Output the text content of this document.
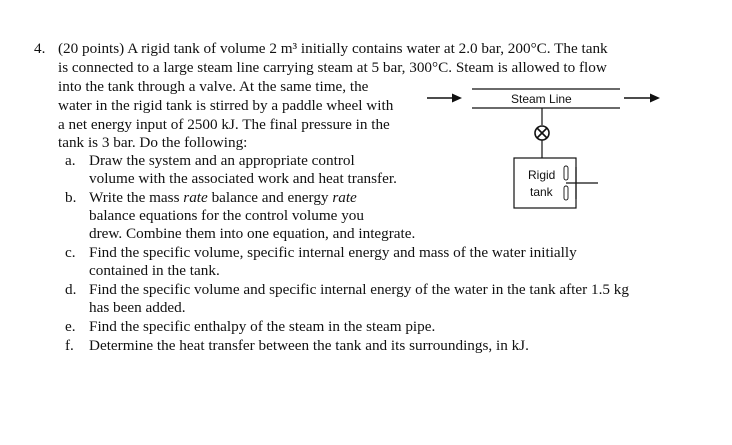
4. (20 points) A rigid tank of volume 2 m³ initially contains water at 2.0 bar, 200°C. The tank
is connected to a large steam line carrying steam at 5 bar, 300°C. Steam is allowed to flow
into the tank through a valve. At the same time, the
water in the rigid tank is stirred by a paddle wheel with
a net energy input of 2500 kJ. The final pressure in the
tank is 3 bar. Do the following:
a. Draw the system and an appropriate control
volume with the associated work and heat transfer.
b. Write the mass rate balance and energy rate
balance equations for the control volume you
drew. Combine them into one equation, and integrate.
c. Find the specific volume, specific internal energy and mass of the water initially
contained in the tank.
d. Find the specific volume and specific internal energy of the water in the tank after 1.5 kg
has been added.
e. Find the specific enthalpy of the steam in the steam pipe.
f. Determine the heat transfer between the tank and its surroundings, in kJ.
Steam Line
Rigid
tank
